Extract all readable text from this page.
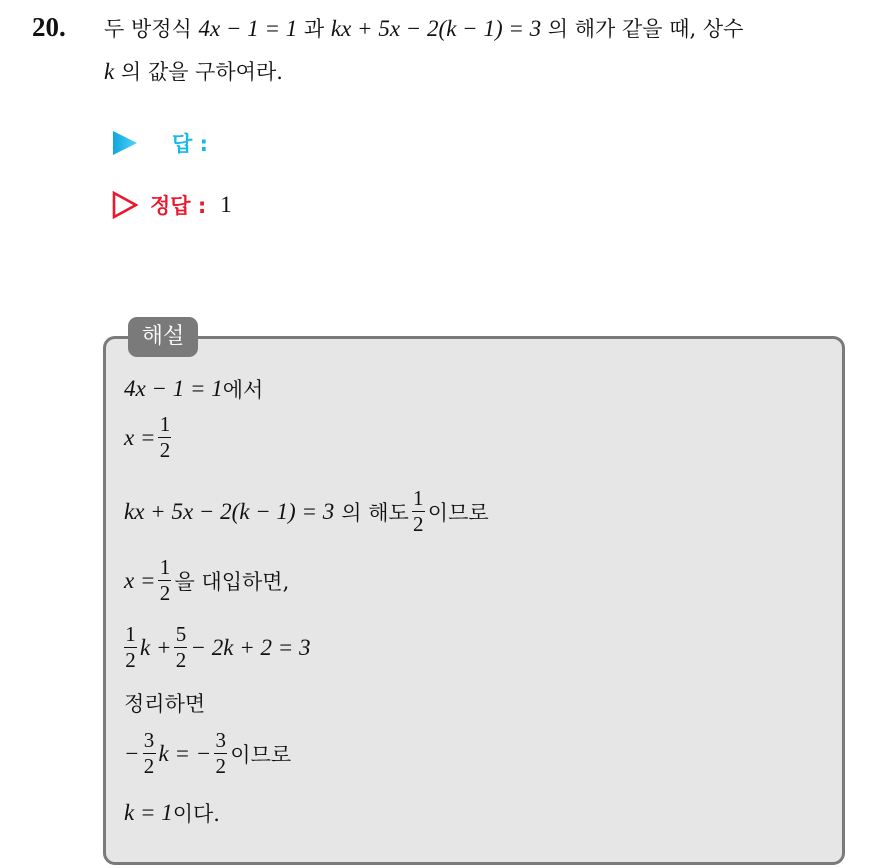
20. 두 방정식 4x − 1 = 1 과 kx + 5x − 2(k − 1) = 3 의 해가 같을 때, 상수
k 의 값을 구하여라.
답 :
정답 : 1
해설
4x − 1 = 1 에서
$x = \frac{1}{2}$
kx + 5x − 2(k − 1) = 3 의 해도 $\frac{1}{2}$ 이므로
$x = \frac{1}{2}$ 을 대입하면,
$\frac{1}{2}$ $k + \frac{5}{2} - 2k + 2 = 3$
정리하면
− $\frac{3}{2}$ k = − $\frac{3}{2}$ 이므로
k = 1 이다.
